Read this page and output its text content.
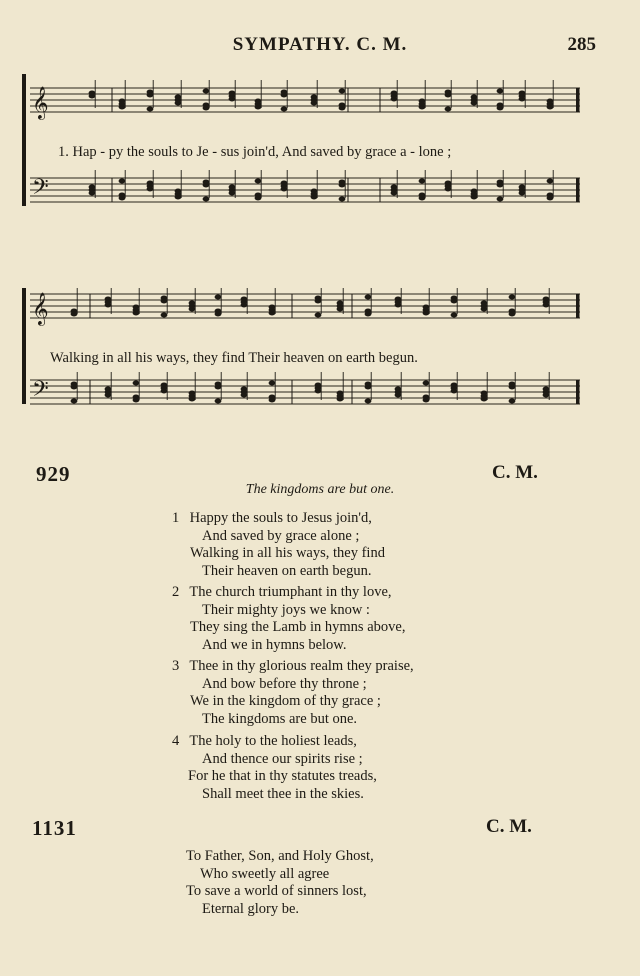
SYMPATHY. C. M.	285
𝄞
𝄢
1. Hap - py the souls to Je - sus join'd, And saved by grace a - lone ;
𝄞
𝄢
Walking in all his ways, they find Their heaven on earth begun.
929	C. M.
The kingdoms are but one.
1 Happy the souls to Jesus join'd,
And saved by grace alone ;
Walking in all his ways, they find
Their heaven on earth begun.
2 The church triumphant in thy love,
Their mighty joys we know :
They sing the Lamb in hymns above,
And we in hymns below.
3 Thee in thy glorious realm they praise,
And bow before thy throne ;
We in the kingdom of thy grace ;
The kingdoms are but one.
4 The holy to the holiest leads,
And thence our spirits rise ;
For he that in thy statutes treads,
Shall meet thee in the skies.
1131	C. M.
To Father, Son, and Holy Ghost,
Who sweetly all agree
To save a world of sinners lost,
Eternal glory be.
